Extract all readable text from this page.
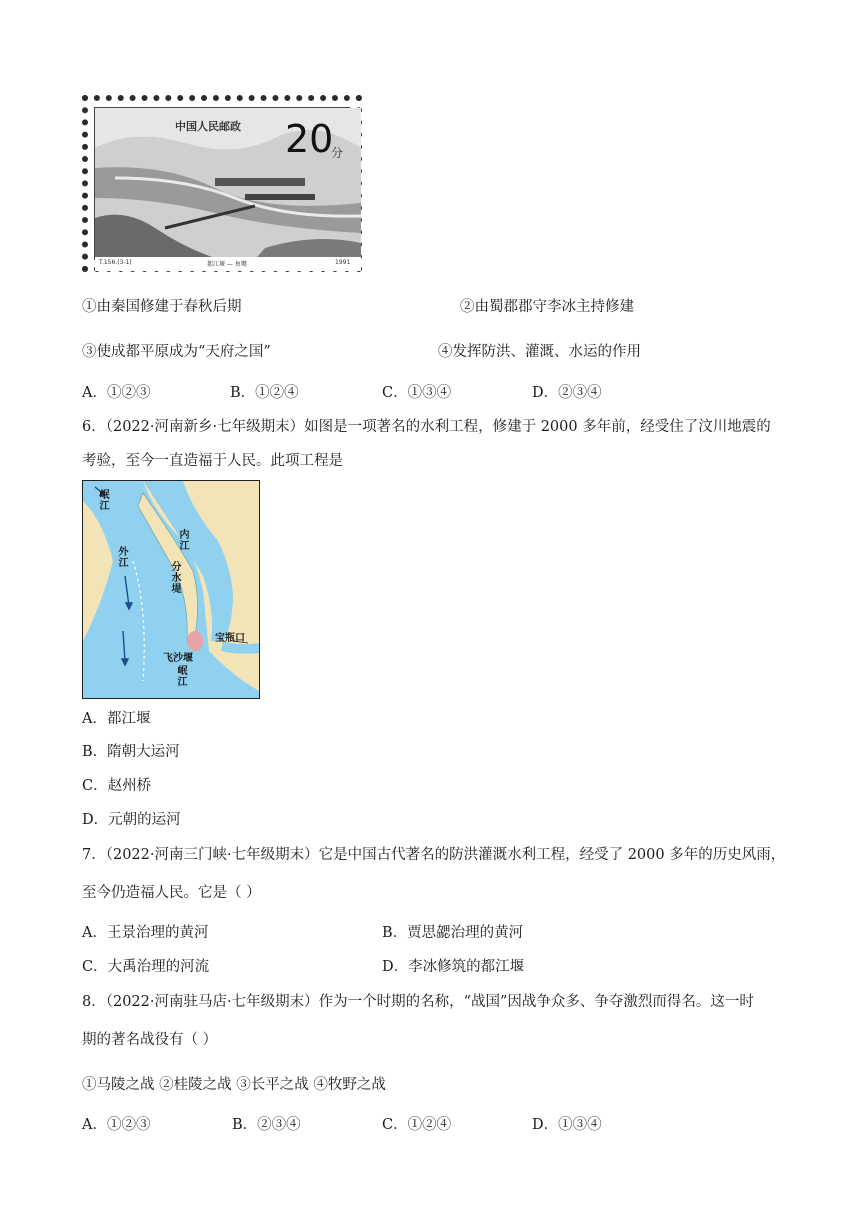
中国人民邮政 20
分
T.156.(3-1)	都江堰 — 鱼嘴	1991
①由秦国修建于春秋后期	②由蜀郡郡守李冰主持修建
③使成都平原成为“天府之国”	④发挥防洪、灌溉、水运的作用
A．①②③	B．①②④	C．①③④	D．②③④
6．（2022·河南新乡·七年级期末）如图是一项著名的水利工程，修建于 2000 多年前，经受住了汶川地震的
考验，至今一直造福于人民。此项工程是
岷江
内江
外江
分水堤
宝瓶口
飞沙堰
岷江
A．都江堰
B．隋朝大运河
C．赵州桥
D．元朝的运河
7．（2022·河南三门峡·七年级期末）它是中国古代著名的防洪灌溉水利工程，经受了 2000 多年的历史风雨，
至今仍造福人民。它是（ ）
A．王景治理的黄河	B．贾思勰治理的黄河
C．大禹治理的河流	D．李冰修筑的都江堰
8．（2022·河南驻马店·七年级期末）作为一个时期的名称，“战国”因战争众多、争夺激烈而得名。这一时
期的著名战役有（ ）
①马陵之战 ②桂陵之战 ③长平之战 ④牧野之战
A．①②③	B．②③④	C．①②④	D．①③④
